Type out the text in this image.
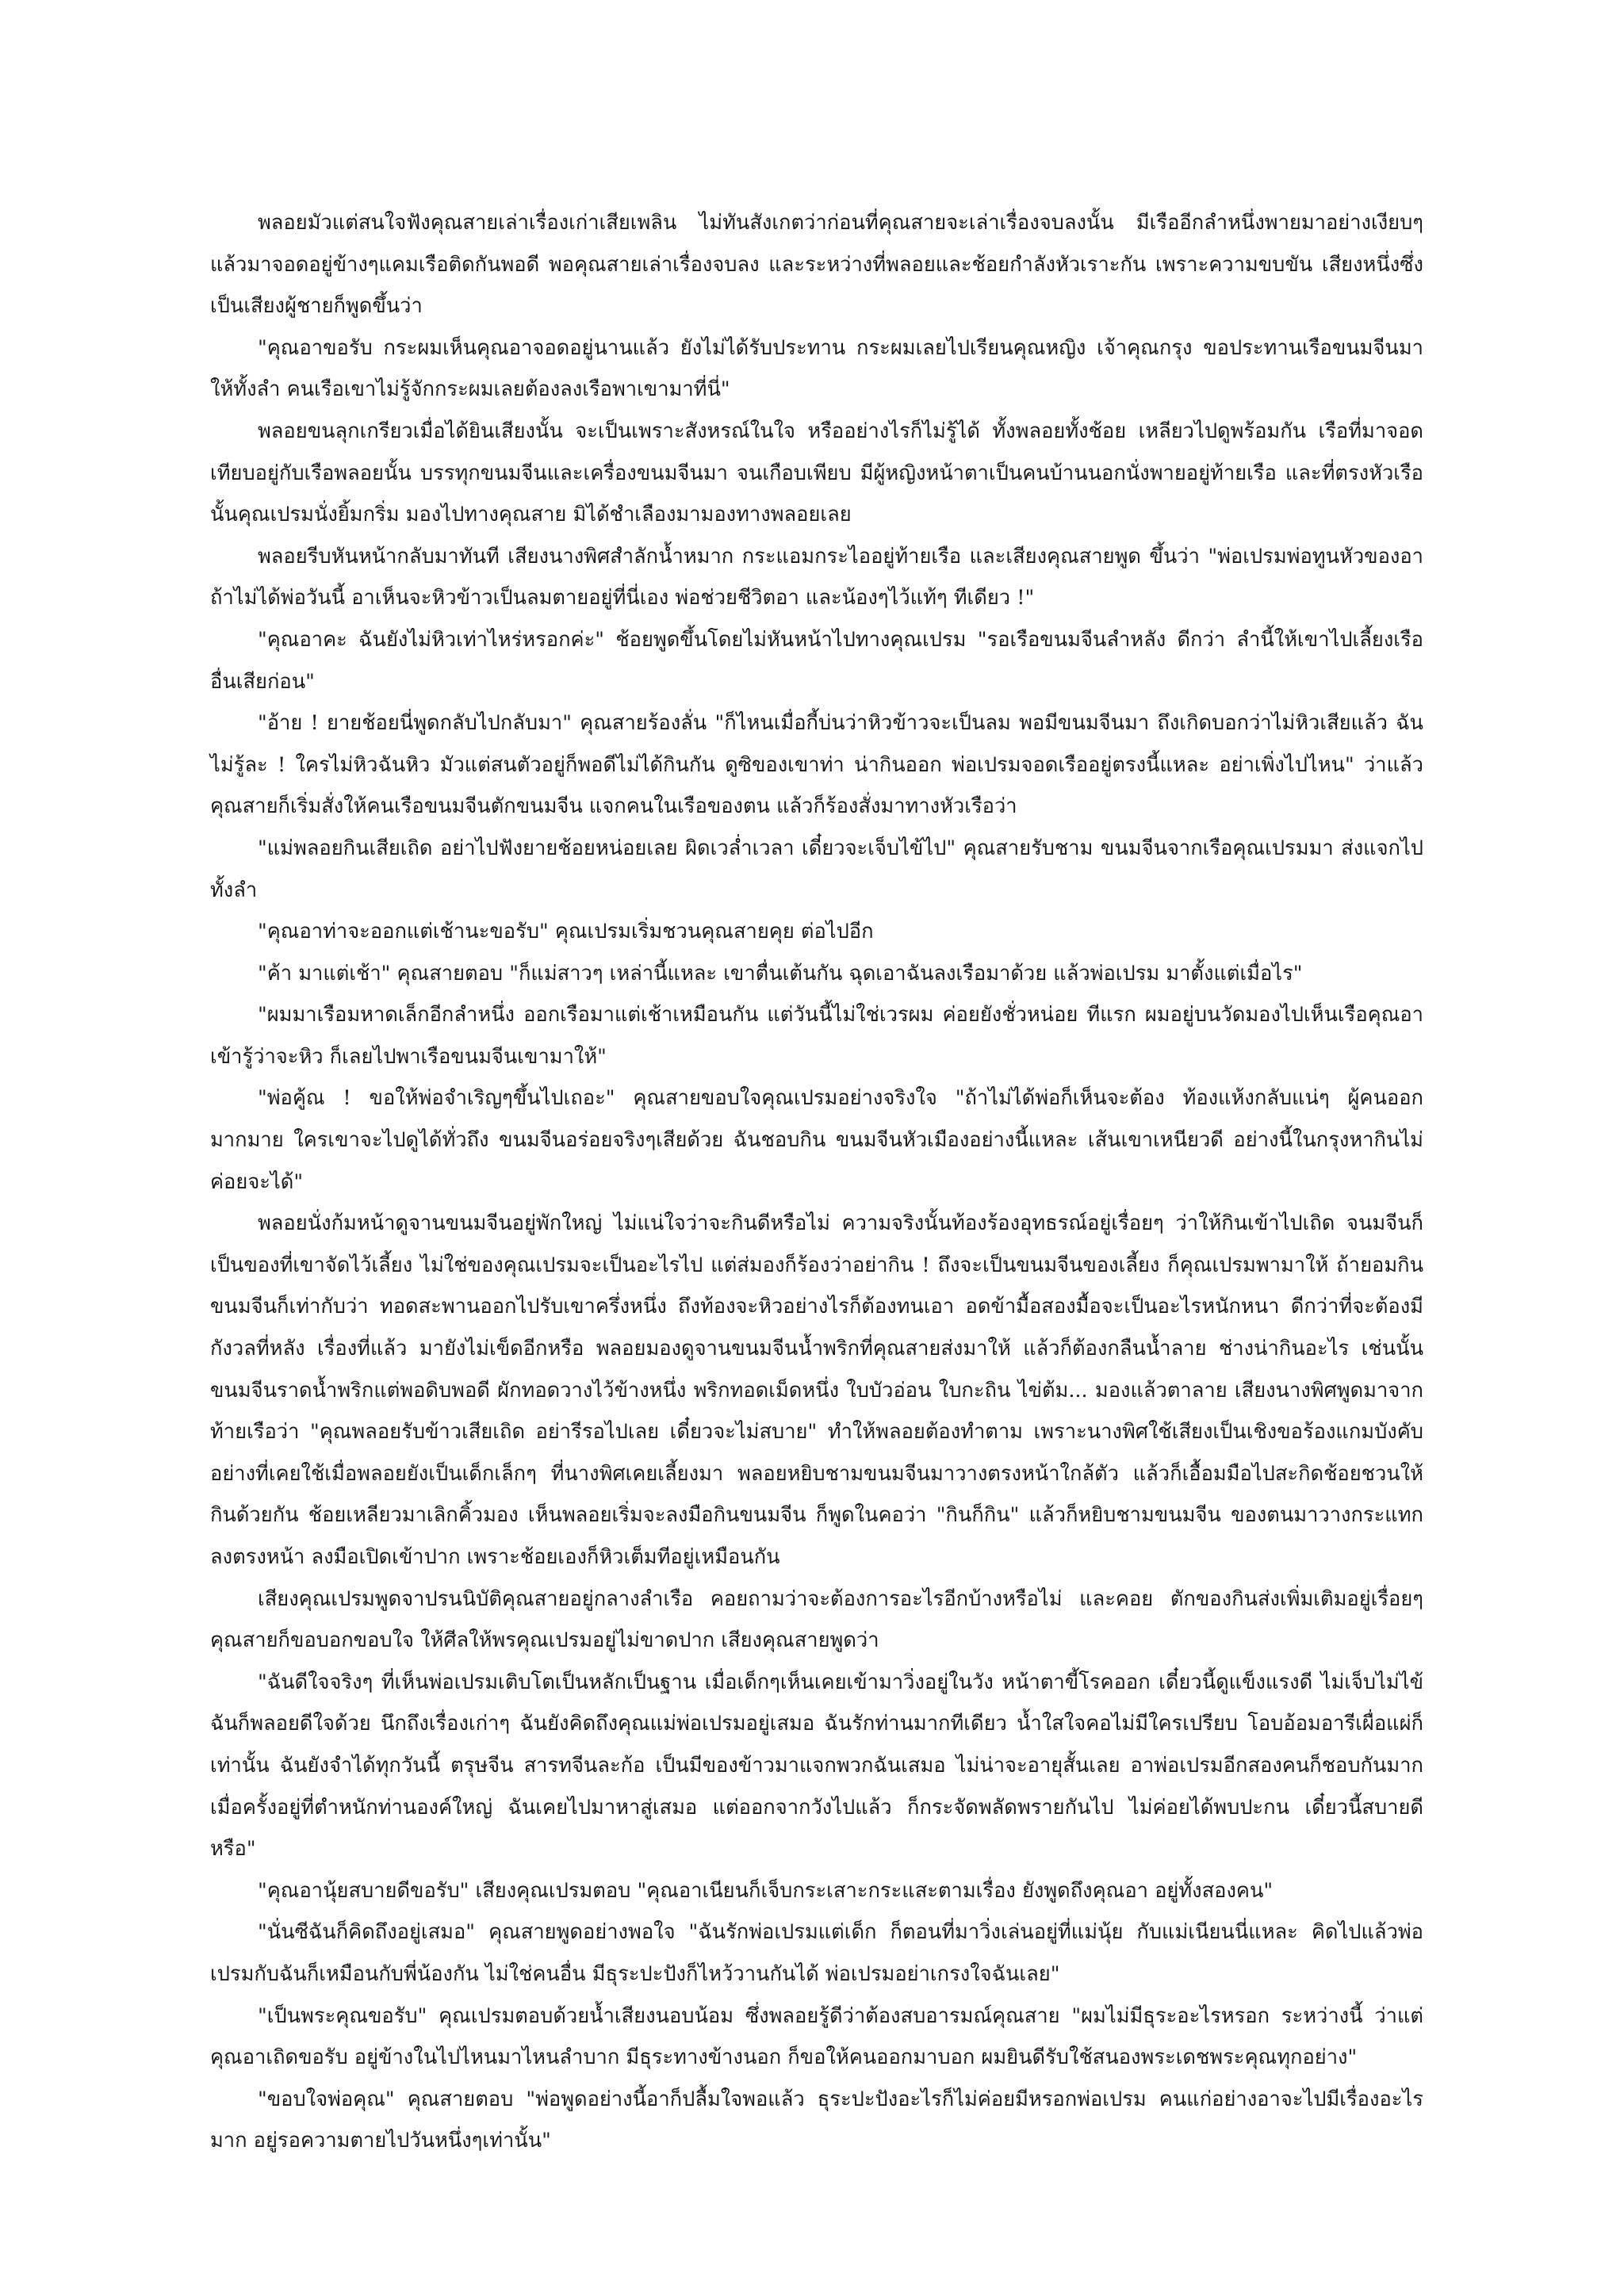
พลอยมัวแต่สนใจฟังคุณสายเล่าเรื่องเก่าเสียเพลิน ไม่ทันสังเกตว่าก่อนที่คุณสายจะเล่าเรื่องจบลงนั้น มีเรืออีกลำหนึ่งพายมาอย่างเงียบๆ แล้วมาจอดอยู่ข้างๆแคมเรือติดกันพอดี พอคุณสายเล่าเรื่องจบลง และระหว่างที่พลอยและช้อยกำลังหัวเราะกัน เพราะความขบขัน เสียงหนึ่งซึ่งเป็นเสียงผู้ชายก็พูดขึ้นว่า

"คุณอาขอรับ กระผมเห็นคุณอาจอดอยู่นานแล้ว ยังไม่ได้รับประทาน กระผมเลยไปเรียนคุณหญิง เจ้าคุณกรุง ขอประทานเรือขนมจีนมาให้ทั้งลำ คนเรือเขาไม่รู้จักกระผมเลยต้องลงเรือพาเขามาที่นี่"

พลอยขนลุกเกรียวเมื่อได้ยินเสียงนั้น จะเป็นเพราะสังหรณ์ในใจ หรืออย่างไรก็ไม่รู้ได้ ทั้งพลอยทั้งช้อย เหลียวไปดูพร้อมกัน เรือที่มาจอดเทียบอยู่กับเรือพลอยนั้น บรรทุกขนมจีนและเครื่องขนมจีนมา จนเกือบเพียบ มีผู้หญิงหน้าตาเป็นคนบ้านนอกนั่งพายอยู่ท้ายเรือ และที่ตรงหัวเรือนั้นคุณเปรมนั่งยิ้มกริ่ม มองไปทางคุณสาย มิได้ชำเลืองมามองทางพลอยเลย

พลอยรีบหันหน้ากลับมาทันที เสียงนางพิศสำลักน้ำหมาก กระแอมกระไออยู่ท้ายเรือ และเสียงคุณสายพูด ขึ้นว่า "พ่อเปรมพ่อทูนหัวของอา ถ้าไม่ได้พ่อวันนี้ อาเห็นจะหิวข้าวเป็นลมตายอยู่ที่นี่เอง พ่อช่วยชีวิตอา และน้องๆไว้แท้ๆ ทีเดียว !"

"คุณอาคะ ฉันยังไม่หิวเท่าไหร่หรอกค่ะ" ช้อยพูดขึ้นโดยไม่หันหน้าไปทางคุณเปรม "รอเรือขนมจีนลำหลัง ดีกว่า ลำนี้ให้เขาไปเลี้ยงเรืออื่นเสียก่อน"

"อ้าย ! ยายช้อยนี่พูดกลับไปกลับมา" คุณสายร้องลั่น "ก็ไหนเมื่อกี้บ่นว่าหิวข้าวจะเป็นลม พอมีขนมจีนมา ถึงเกิดบอกว่าไม่หิวเสียแล้ว ฉันไม่รู้ละ ! ใครไม่หิวฉันหิว มัวแต่สนตัวอยู่ก็พอดีไม่ได้กินกัน ดูซิของเขาท่า น่ากินออก พ่อเปรมจอดเรืออยู่ตรงนี้แหละ อย่าเพิ่งไปไหน" ว่าแล้วคุณสายก็เริ่มสั่งให้คนเรือขนมจีนตักขนมจีน แจกคนในเรือของตน แล้วก็ร้องสั่งมาทางหัวเรือว่า

"แม่พลอยกินเสียเถิด อย่าไปฟังยายช้อยหน่อยเลย ผิดเวล่ำเวลา เดี๋ยวจะเจ็บไข้ไป" คุณสายรับชาม ขนมจีนจากเรือคุณเปรมมา ส่งแจกไปทั้งลำ

"คุณอาท่าจะออกแต่เช้านะขอรับ" คุณเปรมเริ่มชวนคุณสายคุย ต่อไปอีก

"ค้า มาแต่เช้า" คุณสายตอบ "ก็แม่สาวๆ เหล่านี้แหละ เขาตื่นเต้นกัน ฉุดเอาฉันลงเรือมาด้วย แล้วพ่อเปรม มาตั้งแต่เมื่อไร"

"ผมมาเรือมหาดเล็กอีกลำหนึ่ง ออกเรือมาแต่เช้าเหมือนกัน แต่วันนี้ไม่ใช่เวรผม ค่อยยังชั่วหน่อย ทีแรก ผมอยู่บนวัดมองไปเห็นเรือคุณอาเข้ารู้ว่าจะหิว ก็เลยไปพาเรือขนมจีนเขามาให้"

"พ่อคู้ณ ! ขอให้พ่อจำเริญๆขึ้นไปเถอะ" คุณสายขอบใจคุณเปรมอย่างจริงใจ "ถ้าไม่ได้พ่อก็เห็นจะต้อง ท้องแห้งกลับแน่ๆ ผู้คนออกมากมาย ใครเขาจะไปดูได้ทั่วถึง ขนมจีนอร่อยจริงๆเสียด้วย ฉันชอบกิน ขนมจีนหัวเมืองอย่างนี้แหละ เส้นเขาเหนียวดี อย่างนี้ในกรุงหากินไม่ค่อยจะได้"

พลอยนั่งก้มหน้าดูจานขนมจีนอยู่พักใหญ่ ไม่แน่ใจว่าจะกินดีหรือไม่ ความจริงนั้นท้องร้องอุทธรณ์อยู่เรื่อยๆ ว่าให้กินเข้าไปเถิด จนมจีนก็เป็นของที่เขาจัดไว้เลี้ยง ไม่ใช่ของคุณเปรมจะเป็นอะไรไป แต่ส่มองก็ร้องว่าอย่ากิน ! ถึงจะเป็นขนมจีนของเลี้ยง ก็คุณเปรมพามาให้ ถ้ายอมกินขนมจีนก็เท่ากับว่า ทอดสะพานออกไปรับเขาครึ่งหนึ่ง ถึงท้องจะหิวอย่างไรก็ต้องทนเอา อดข้ามื้อสองมื้อจะเป็นอะไรหนักหนา ดีกว่าที่จะต้องมีกังวลที่หลัง เรื่องที่แล้ว มายังไม่เข็ดอีกหรือ พลอยมองดูจานขนมจีนน้ำพริกที่คุณสายส่งมาให้ แล้วก็ต้องกลืนน้ำลาย ช่างน่ากินอะไร เช่นนั้น ขนมจีนราดน้ำพริกแต่พอดิบพอดี ผักทอดวางไว้ข้างหนึ่ง พริกทอดเม็ดหนึ่ง ใบบัวอ่อน ใบกะถิน ไข่ต้ม... มองแล้วตาลาย เสียงนางพิศพูดมาจากท้ายเรือว่า "คุณพลอยรับข้าวเสียเถิด อย่ารีรอไปเลย เดี๋ยวจะไม่สบาย" ทำให้พลอยต้องทำตาม เพราะนางพิศใช้เสียงเป็นเชิงขอร้องแกมบังคับ อย่างที่เคยใช้เมื่อพลอยยังเป็นเด็กเล็กๆ ที่นางพิศเคยเลี้ยงมา พลอยหยิบชามขนมจีนมาวางตรงหน้าใกล้ตัว แล้วก็เอื้อมมือไปสะกิดช้อยชวนให้กินด้วยกัน ช้อยเหลียวมาเลิกคิ้วมอง เห็นพลอยเริ่มจะลงมือกินขนมจีน ก็พูดในคอว่า "กินก็กิน" แล้วก็หยิบชามขนมจีน ของตนมาวางกระแทกลงตรงหน้า ลงมือเปิดเข้าปาก เพราะช้อยเองก็หิวเต็มทีอยู่เหมือนกัน

เสียงคุณเปรมพูดจาปรนนิบัติคุณสายอยู่กลางลำเรือ คอยถามว่าจะต้องการอะไรอีกบ้างหรือไม่ และคอย ตักของกินส่งเพิ่มเติมอยู่เรื่อยๆ คุณสายก็ขอบอกขอบใจ ให้ศีลให้พรคุณเปรมอยู่ไม่ขาดปาก เสียงคุณสายพูดว่า

"ฉันดีใจจริงๆ ที่เห็นพ่อเปรมเติบโตเป็นหลักเป็นฐาน เมื่อเด็กๆเห็นเคยเข้ามาวิ่งอยู่ในวัง หน้าตาขี้โรคออก เดี๋ยวนี้ดูแข็งแรงดี ไม่เจ็บไม่ไข้ ฉันก็พลอยดีใจด้วย นึกถึงเรื่องเก่าๆ ฉันยังคิดถึงคุณแม่พ่อเปรมอยู่เสมอ ฉันรักท่านมากทีเดียว น้ำใสใจคอไม่มีใครเปรียบ โอบอ้อมอารีเผื่อแผ่ก็เท่านั้น ฉันยังจำได้ทุกวันนี้ ตรุษจีน สารทจีนละก้อ เป็นมีของข้าวมาแจกพวกฉันเสมอ ไม่น่าจะอายุสั้นเลย อาพ่อเปรมอีกสองคนก็ชอบกันมาก เมื่อครั้งอยู่ที่ตำหนักท่านองค์ใหญ่ ฉันเคยไปมาหาสู่เสมอ แต่ออกจากวังไปแล้ว ก็กระจัดพลัดพรายกันไป ไม่ค่อยได้พบปะกน เดี๋ยวนี้สบายดีหรือ"

"คุณอานุ้ยสบายดีขอรับ" เสียงคุณเปรมตอบ "คุณอาเนียนก็เจ็บกระเสาะกระแสะตามเรื่อง ยังพูดถึงคุณอา อยู่ทั้งสองคน"

"นั่นซีฉันก็คิดถึงอยู่เสมอ" คุณสายพูดอย่างพอใจ "ฉันรักพ่อเปรมแต่เด็ก ก็ตอนที่มาวิ่งเล่นอยู่ที่แม่นุ้ย กับแม่เนียนนี่แหละ คิดไปแล้วพ่อเปรมกับฉันก็เหมือนกับพี่น้องกัน ไม่ใช่คนอื่น มีธุระปะปังก็ไหว้วานกันได้ พ่อเปรมอย่าเกรงใจฉันเลย"

"เป็นพระคุณขอรับ" คุณเปรมตอบด้วยน้ำเสียงนอบน้อม ซึ่งพลอยรู้ดีว่าต้องสบอารมณ์คุณสาย "ผมไม่มีธุระอะไรหรอก ระหว่างนี้ ว่าแต่คุณอาเถิดขอรับ อยู่ข้างในไปไหนมาไหนลำบาก มีธุระทางข้างนอก ก็ขอให้คนออกมาบอก ผมยินดีรับใช้สนองพระเดชพระคุณทุกอย่าง"

"ขอบใจพ่อคุณ" คุณสายตอบ "พ่อพูดอย่างนี้อาก็ปลื้มใจพอแล้ว ธุระปะปังอะไรก็ไม่ค่อยมีหรอกพ่อเปรม คนแก่อย่างอาจะไปมีเรื่องอะไรมาก อยู่รอความตายไปวันหนึ่งๆเท่านั้น"
